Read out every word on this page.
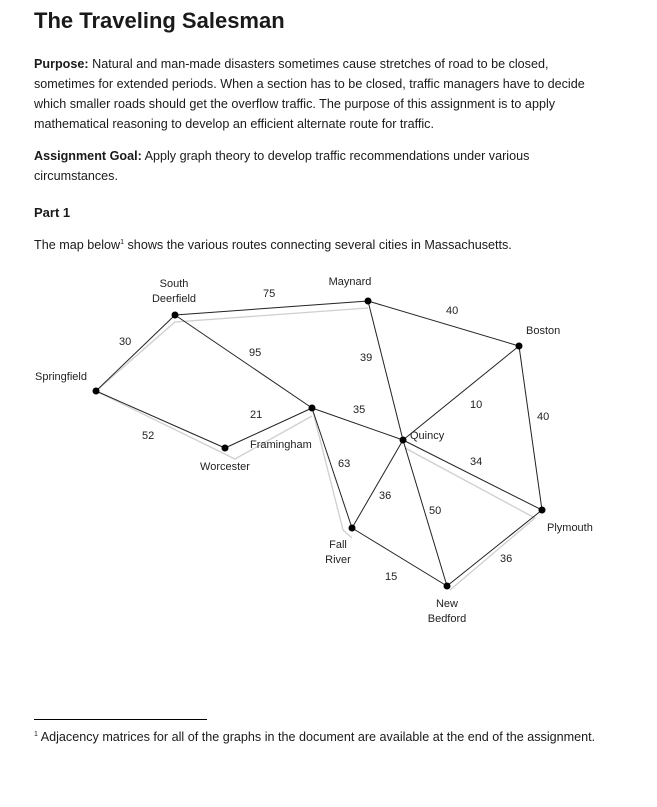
The Traveling Salesman

Purpose: Natural and man-made disasters sometimes cause stretches of road to be closed, sometimes for extended periods. When a section has to be closed, traffic managers have to decide which smaller roads should get the overflow traffic. The purpose of this assignment is to apply mathematical reasoning to develop an efficient alternate route for traffic.

Assignment Goal: Apply graph theory to develop traffic recommendations under various circumstances.

Part 1
The map below$^1$ shows the various routes connecting several cities in Massachusetts.
Springfield
South
Deerfield
Maynard
Boston
Framingham
Worcester
Quincy
Fall
River
New
Bedford
Plymouth
30
75
40
95	39
52
21	35	10
40
34
63
36
50
15
36
$^1$ Adjacency matrices for all of the graphs in the document are available at the end of the assignment.
